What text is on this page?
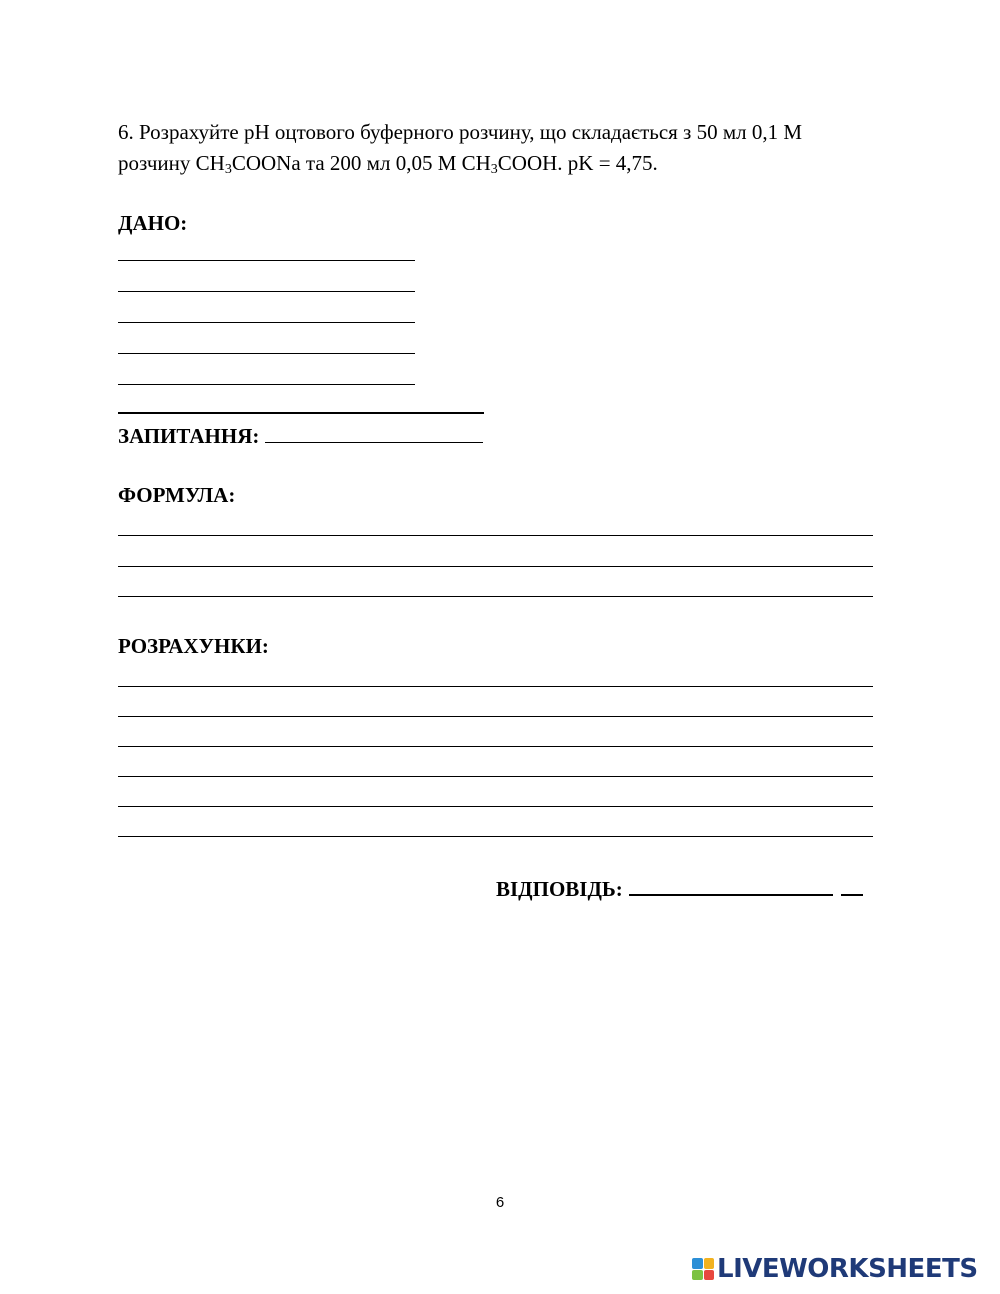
6. Розрахуйте pH оцтового буферного розчину, що складається з 50 мл 0,1 М
розчину $CH_3COONa$ та 200 мл 0,05 М $CH_3COOH$. pK = 4,75.

ДАНО:

ЗАПИТАННЯ:

ФОРМУЛА:

РОЗРАХУНКИ:

ВІДПОВІДЬ:

6
LIVEWORKSHEETS
